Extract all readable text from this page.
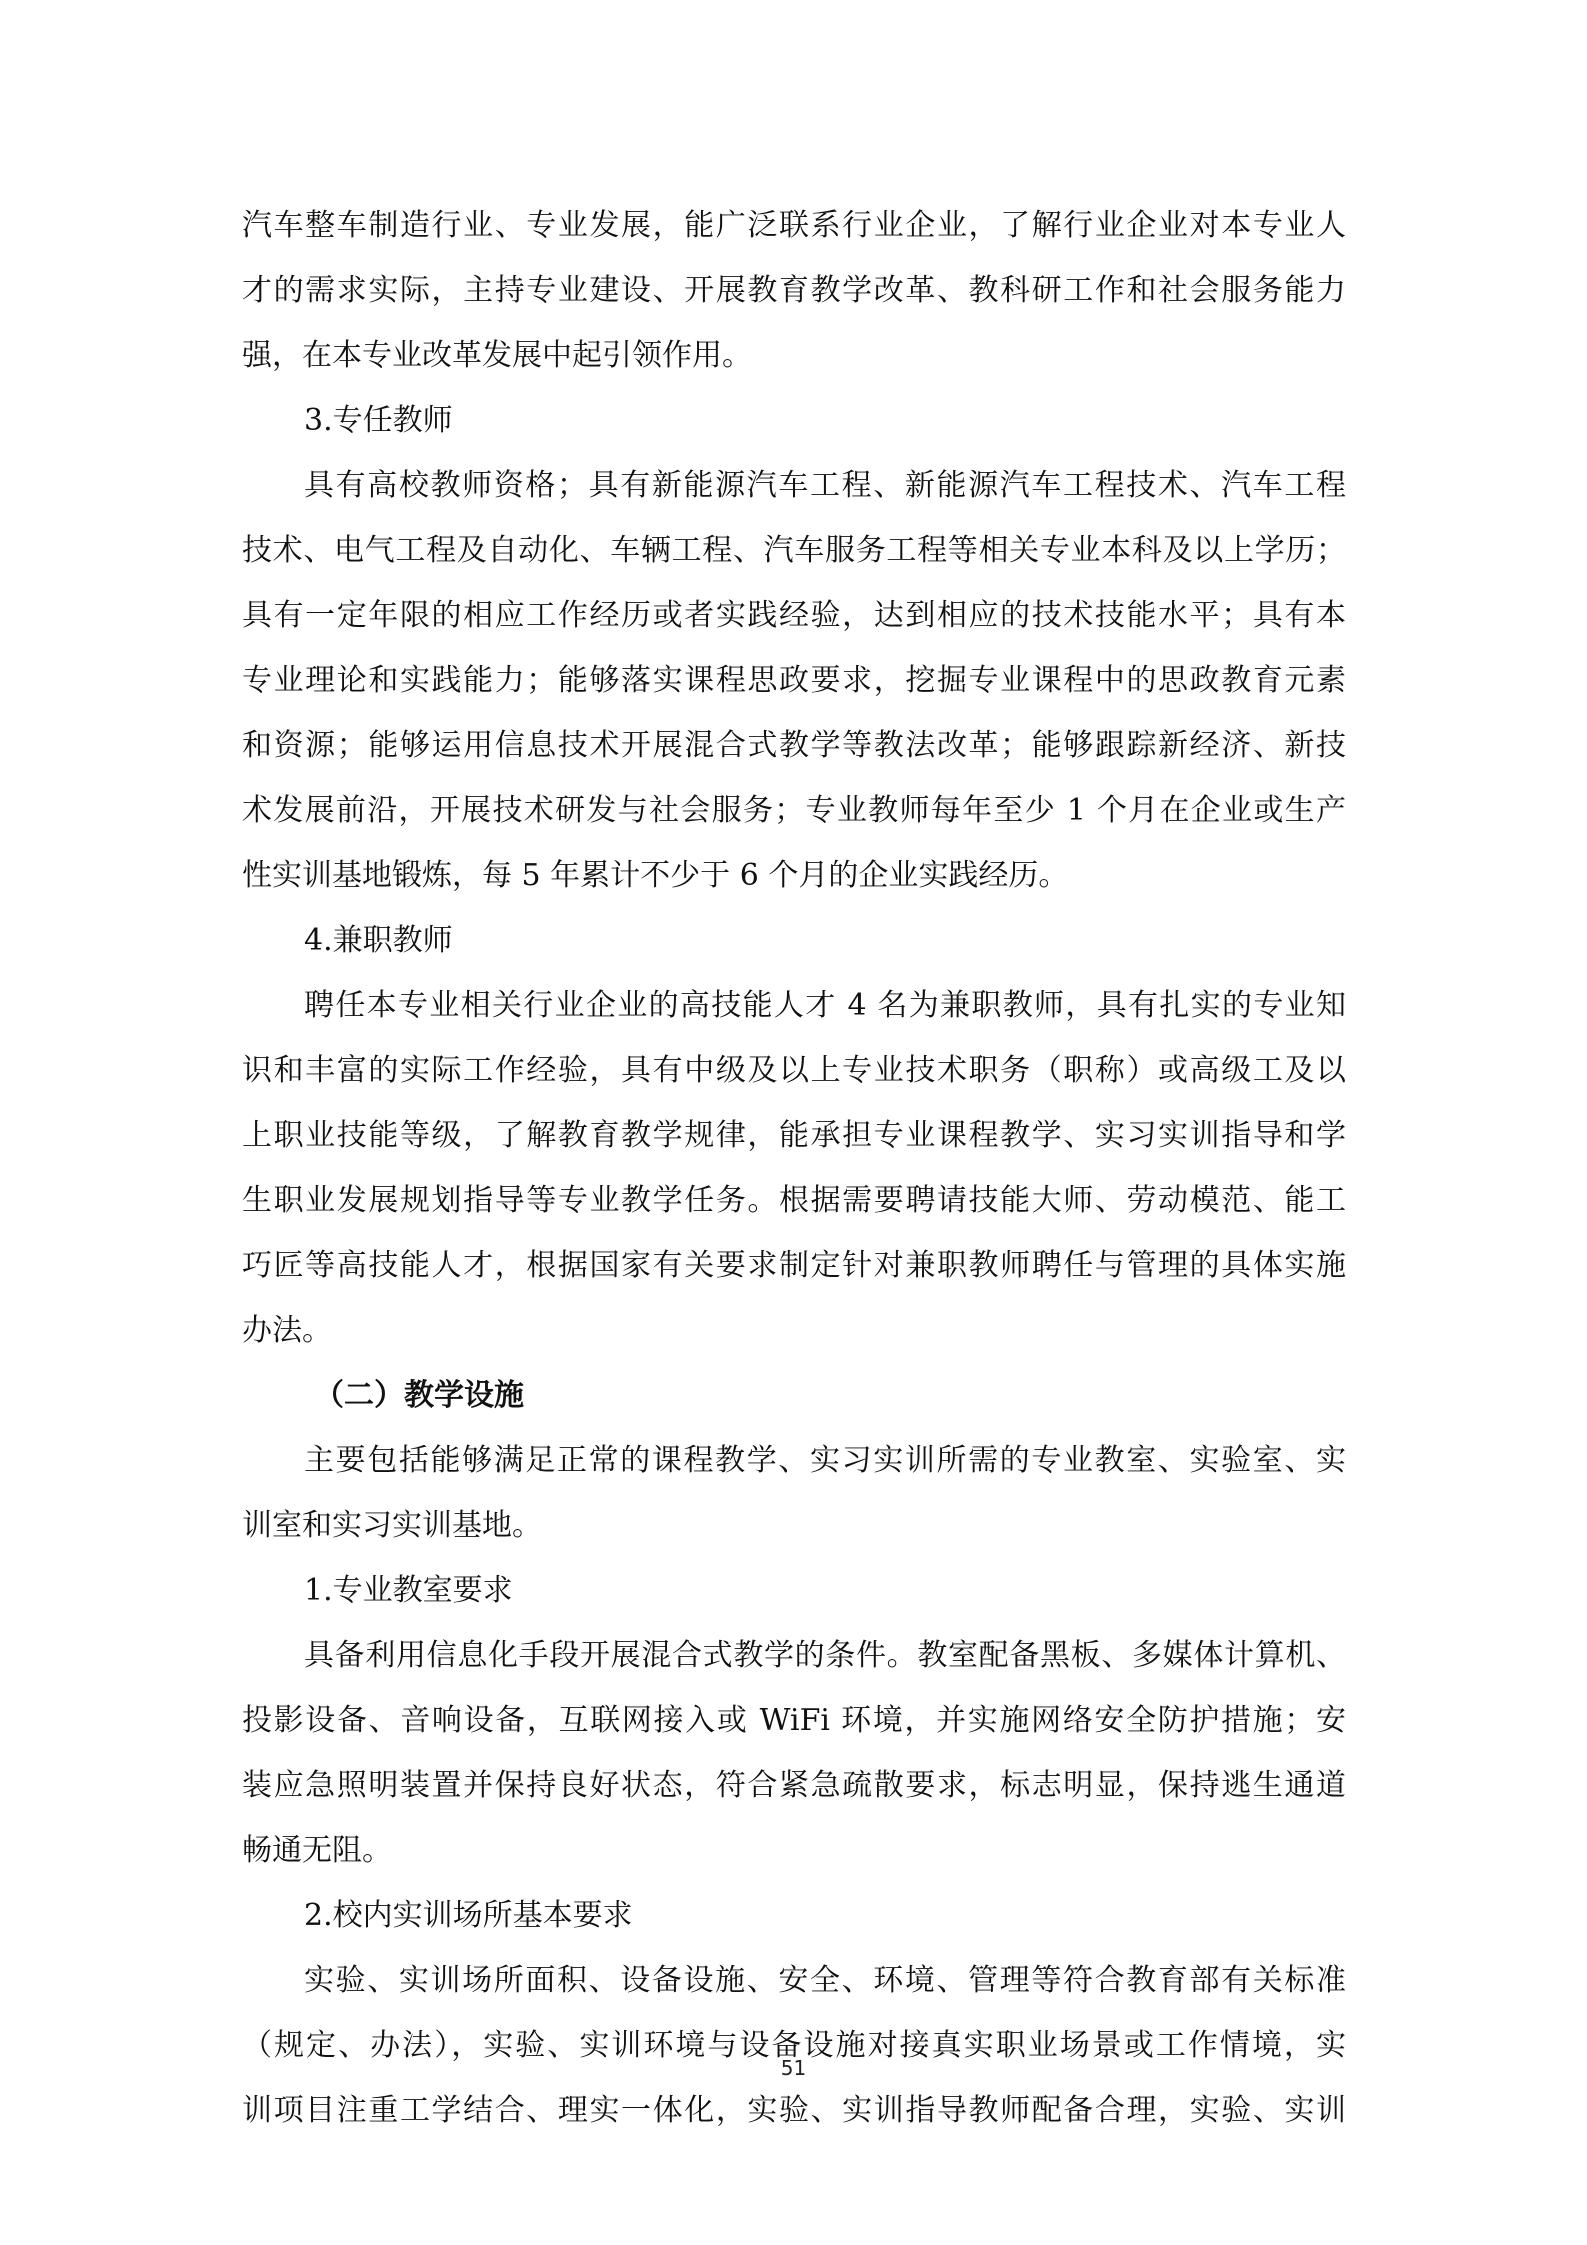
汽车整车制造行业、专业发展，能广泛联系行业企业，了解行业企业对本专业人

才的需求实际，主持专业建设、开展教育教学改革、教科研工作和社会服务能力

强，在本专业改革发展中起引领作用。

3.专任教师

具有高校教师资格；具有新能源汽车工程、新能源汽车工程技术、汽车工程

技术、电气工程及自动化、车辆工程、汽车服务工程等相关专业本科及以上学历；

具有一定年限的相应工作经历或者实践经验，达到相应的技术技能水平；具有本

专业理论和实践能力；能够落实课程思政要求，挖掘专业课程中的思政教育元素

和资源；能够运用信息技术开展混合式教学等教法改革；能够跟踪新经济、新技

术发展前沿，开展技术研发与社会服务；专业教师每年至少 1 个月在企业或生产

性实训基地锻炼，每 5 年累计不少于 6 个月的企业实践经历。

4.兼职教师

聘任本专业相关行业企业的高技能人才 4 名为兼职教师，具有扎实的专业知

识和丰富的实际工作经验，具有中级及以上专业技术职务（职称）或高级工及以

上职业技能等级，了解教育教学规律，能承担专业课程教学、实习实训指导和学

生职业发展规划指导等专业教学任务。根据需要聘请技能大师、劳动模范、能工

巧匠等高技能人才，根据国家有关要求制定针对兼职教师聘任与管理的具体实施

办法。

（二）教学设施

主要包括能够满足正常的课程教学、实习实训所需的专业教室、实验室、实

训室和实习实训基地。

1.专业教室要求

具备利用信息化手段开展混合式教学的条件。教室配备黑板、多媒体计算机、

投影设备、音响设备，互联网接入或 WiFi 环境，并实施网络安全防护措施；安

装应急照明装置并保持良好状态，符合紧急疏散要求，标志明显，保持逃生通道

畅通无阻。

2.校内实训场所基本要求

实验、实训场所面积、设备设施、安全、环境、管理等符合教育部有关标准

（规定、办法），实验、实训环境与设备设施对接真实职业场景或工作情境，实

训项目注重工学结合、理实一体化，实验、实训指导教师配备合理，实验、实训

51
